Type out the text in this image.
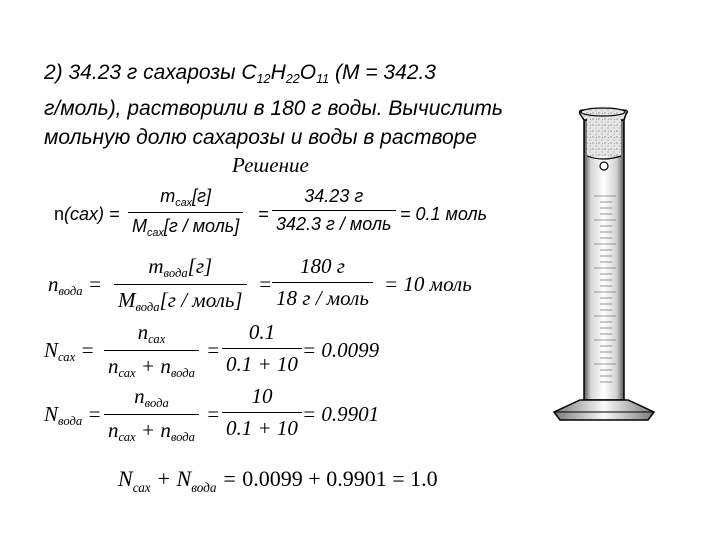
2) 34.23 г сахарозы $C_{12}H_{22}O_{11}$ (M = 342.3
г/моль), растворили в 180 г воды. Вычислить
мольную долю сахарозы и воды в растворе
Решение
n(сах) =
$m_{сах}[г]$
$M_{сах}[г$ / моль]
=
34.23 г
342.3 г / моль = 0.1 моль
$n_{вода}$ =
$m_{вода}[г]$
$M_{вода}[г$ / моль]
=
180 г
18 г / моль
= 10 моль
$N_{сах}$ =
$n_{сах}$
$n_{сах} + n_{вода}$
= $\frac{0.1}{0.1 + 10} = 0.0099$
$N_{вода}$ =
$n_{вода}$
$n_{сах} + n_{вода}$
= $\frac{10}{0.1 + 10} = 0.9901$
$N_{сах} + N_{вода} = 0.0099 + 0.9901 = 1.0$
